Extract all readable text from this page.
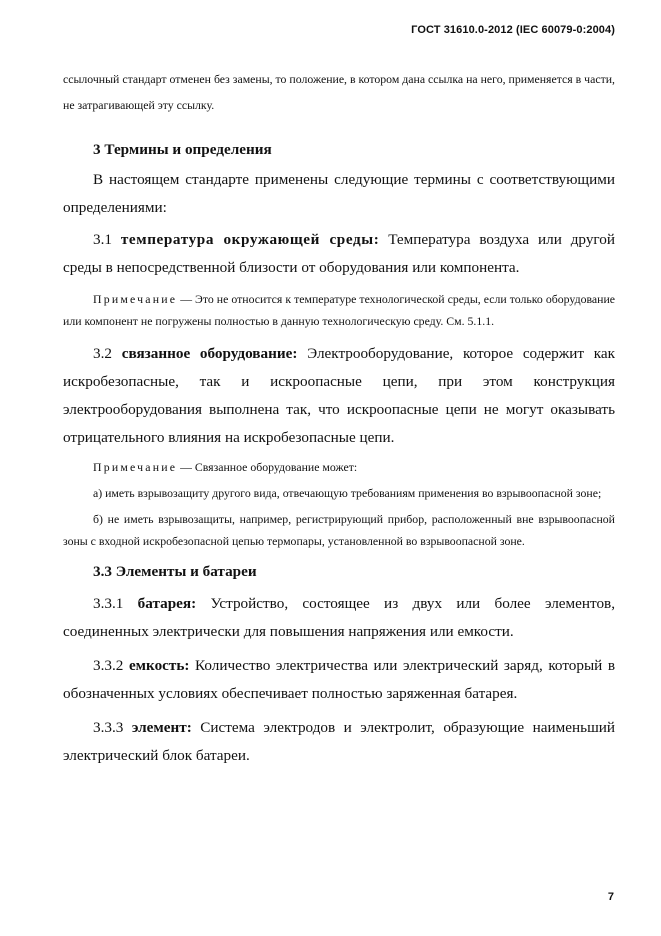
ГОСТ 31610.0-2012 (IEC 60079-0:2004)

ссылочный стандарт отменен без замены, то положение, в котором дана ссылка на него, применяется в части, не затрагивающей эту ссылку.

3 Термины и определения

В настоящем стандарте применены следующие термины с соответствующими определениями:

3.1 температура окружающей среды: Температура воздуха или другой среды в непосредственной близости от оборудования или компонента.

Примечание — Это не относится к температуре технологической среды, если только оборудование или компонент не погружены полностью в данную технологическую среду. См. 5.1.1.

3.2 связанное оборудование: Электрооборудование, которое содержит как искробезопасные, так и искроопасные цепи, при этом конструкция электрооборудования выполнена так, что искроопасные цепи не могут оказывать отрицательного влияния на искробезопасные цепи.

Примечание — Связанное оборудование может:

а) иметь взрывозащиту другого вида, отвечающую требованиям применения во взрывоопасной зоне;

б) не иметь взрывозащиты, например, регистрирующий прибор, расположенный вне взрывоопасной зоны с входной искробезопасной цепью термопары, установленной во взрывоопасной зоне.

3.3 Элементы и батареи

3.3.1 батарея: Устройство, состоящее из двух или более элементов, соединенных электрически для повышения напряжения или емкости.

3.3.2 емкость: Количество электричества или электрический заряд, который в обозначенных условиях обеспечивает полностью заряженная батарея.

3.3.3 элемент: Система электродов и электролит, образующие наименьший электрический блок батареи.

7
